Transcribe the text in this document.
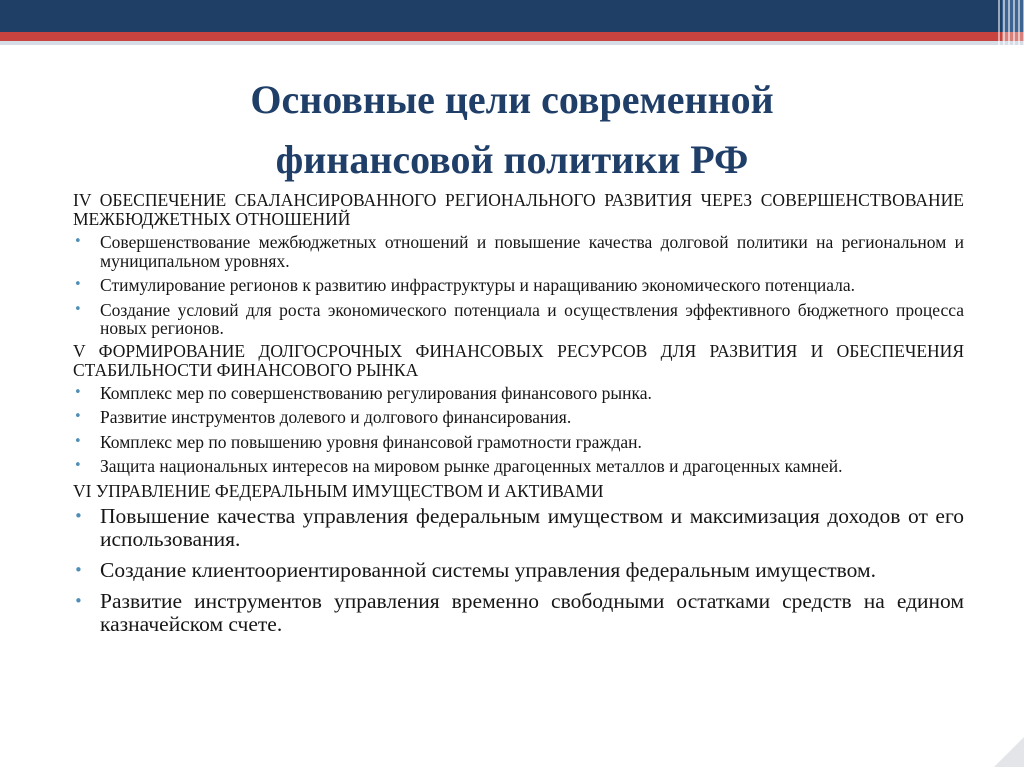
Основные цели современной
финансовой политики РФ

IV ОБЕСПЕЧЕНИЕ СБАЛАНСИРОВАННОГО РЕГИОНАЛЬНОГО РАЗВИТИЯ ЧЕРЕЗ СОВЕРШЕНСТВОВАНИЕ МЕЖБЮДЖЕТНЫХ ОТНОШЕНИЙ

• Совершенствование межбюджетных отношений и повышение качества долговой политики на региональном и муниципальном уровнях.
• Стимулирование регионов к развитию инфраструктуры и наращиванию экономического потенциала.
• Создание условий для роста экономического потенциала и осуществления эффективного бюджетного процесса новых регионов.

V ФОРМИРОВАНИЕ ДОЛГОСРОЧНЫХ ФИНАНСОВЫХ РЕСУРСОВ ДЛЯ РАЗВИТИЯ И ОБЕСПЕЧЕНИЯ СТАБИЛЬНОСТИ ФИНАНСОВОГО РЫНКА

• Комплекс мер по совершенствованию регулирования финансового рынка.
• Развитие инструментов долевого и долгового финансирования.
• Комплекс мер по повышению уровня финансовой грамотности граждан.
• Защита национальных интересов на мировом рынке драгоценных металлов и драгоценных камней.

VI УПРАВЛЕНИЕ ФЕДЕРАЛЬНЫМ ИМУЩЕСТВОМ И АКТИВАМИ

• Повышение качества управления федеральным имуществом и максимизация доходов от его использования.
• Создание клиентоориентированной системы управления федеральным имуществом.
• Развитие инструментов управления временно свободными остатками средств на едином казначейском счете.
